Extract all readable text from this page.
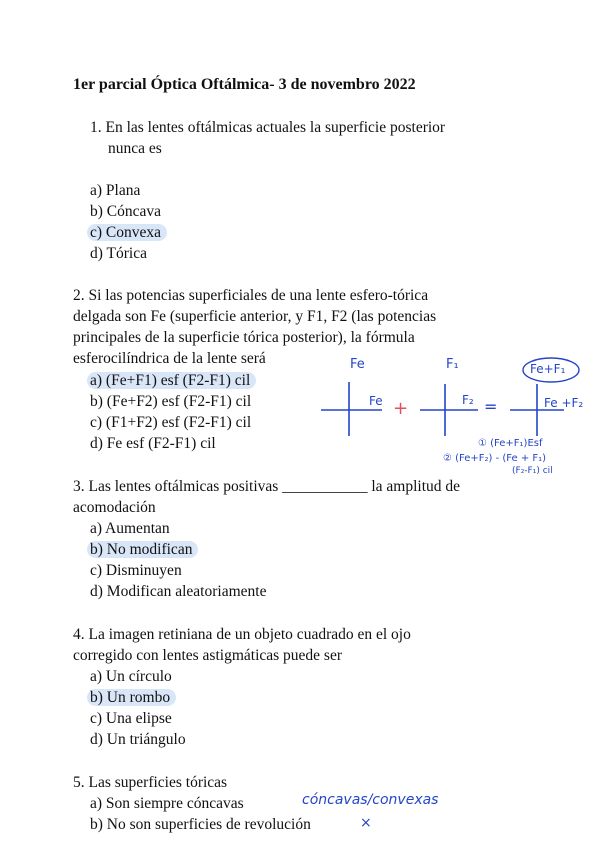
1er parcial Óptica Oftálmica- 3 de novembro 2022
1. En las lentes oftálmicas actuales la superficie posterior
nunca es
a) Plana
b) Cóncava
c) Convexa
d) Tórica
2. Si las potencias superficiales de una lente esfero-tórica
delgada son Fe (superficie anterior, y F1, F2 (las potencias
principales de la superficie tórica posterior), la fórmula
esferocilíndrica de la lente será
a) (Fe+F1) esf (F2-F1) cil
b) (Fe+F2) esf (F2-F1) cil
c) (F1+F2) esf (F2-F1) cil
d) Fe esf (F2-F1) cil
Fe	F₁	Fe+F₁
Fe +	F₂ =	Fe +F₂
① (Fe+F₁)Esf
② (Fe+F₂) - (Fe + F₁)
(F₂-F₁) cil
3. Las lentes oftálmicas positivas ___________ la amplitud de
acomodación
a) Aumentan
b) No modifican
c) Disminuyen
d) Modifican aleatoriamente
4. La imagen retiniana de un objeto cuadrado en el ojo
corregido con lentes astigmáticas puede ser
a) Un círculo
b) Un rombo
c) Una elipse
d) Un triángulo
5. Las superficies tóricas
a) Son siempre cóncavas
b) No son superficies de revolución
cóncavas/convexas
×
